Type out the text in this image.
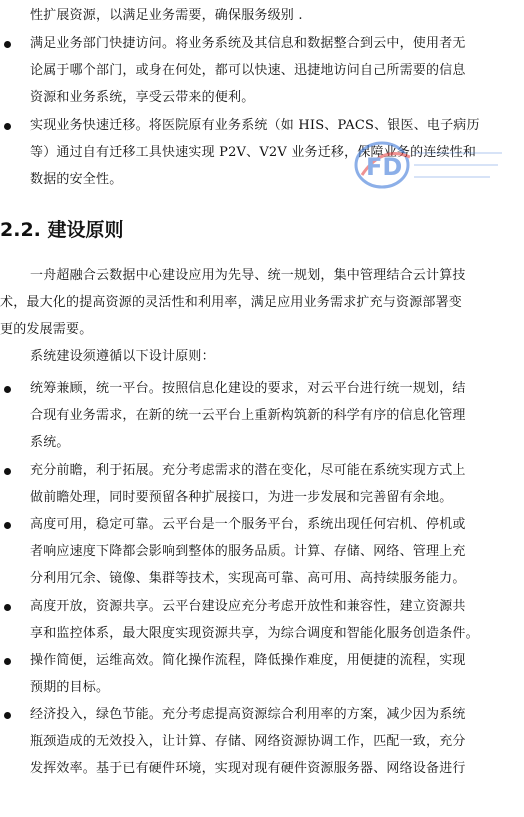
性扩展资源，以满足业务需要，确保服务级别 .
满足业务部门快捷访问。将业务系统及其信息和数据整合到云中，使用者无
论属于哪个部门，或身在何处，都可以快速、迅捷地访问自己所需要的信息
资源和业务系统，享受云带来的便利。
实现业务快速迁移。将医院原有业务系统（如 HIS、PACS、银医、电子病历
等）通过自有迁移工具快速实现 P2V、V2V 业务迁移，保障业务的连续性和
数据的安全性。	FD
2.2. 建设原则
一舟超融合云数据中心建设应用为先导、统一规划，集中管理结合云计算技
术，最大化的提高资源的灵活性和利用率，满足应用业务需求扩充与资源部署变
更的发展需要。
系统建设须遵循以下设计原则：
统筹兼顾，统一平台。按照信息化建设的要求，对云平台进行统一规划，结
合现有业务需求，在新的统一云平台上重新构筑新的科学有序的信息化管理
系统。
充分前瞻，利于拓展。充分考虑需求的潜在变化，尽可能在系统实现方式上
做前瞻处理，同时要预留各种扩展接口，为进一步发展和完善留有余地。
高度可用，稳定可靠。云平台是一个服务平台，系统出现任何宕机、停机或
者响应速度下降都会影响到整体的服务品质。计算、存储、网络、管理上充
分利用冗余、镜像、集群等技术，实现高可靠、高可用、高持续服务能力。
高度开放，资源共享。云平台建设应充分考虑开放性和兼容性，建立资源共
享和监控体系，最大限度实现资源共享，为综合调度和智能化服务创造条件。
操作简便，运维高效。简化操作流程，降低操作难度，用便捷的流程，实现
预期的目标。
经济投入，绿色节能。充分考虑提高资源综合利用率的方案，减少因为系统
瓶颈造成的无效投入，让计算、存储、网络资源协调工作，匹配一致，充分
发挥效率。基于已有硬件环境，实现对现有硬件资源服务器、网络设备进行
